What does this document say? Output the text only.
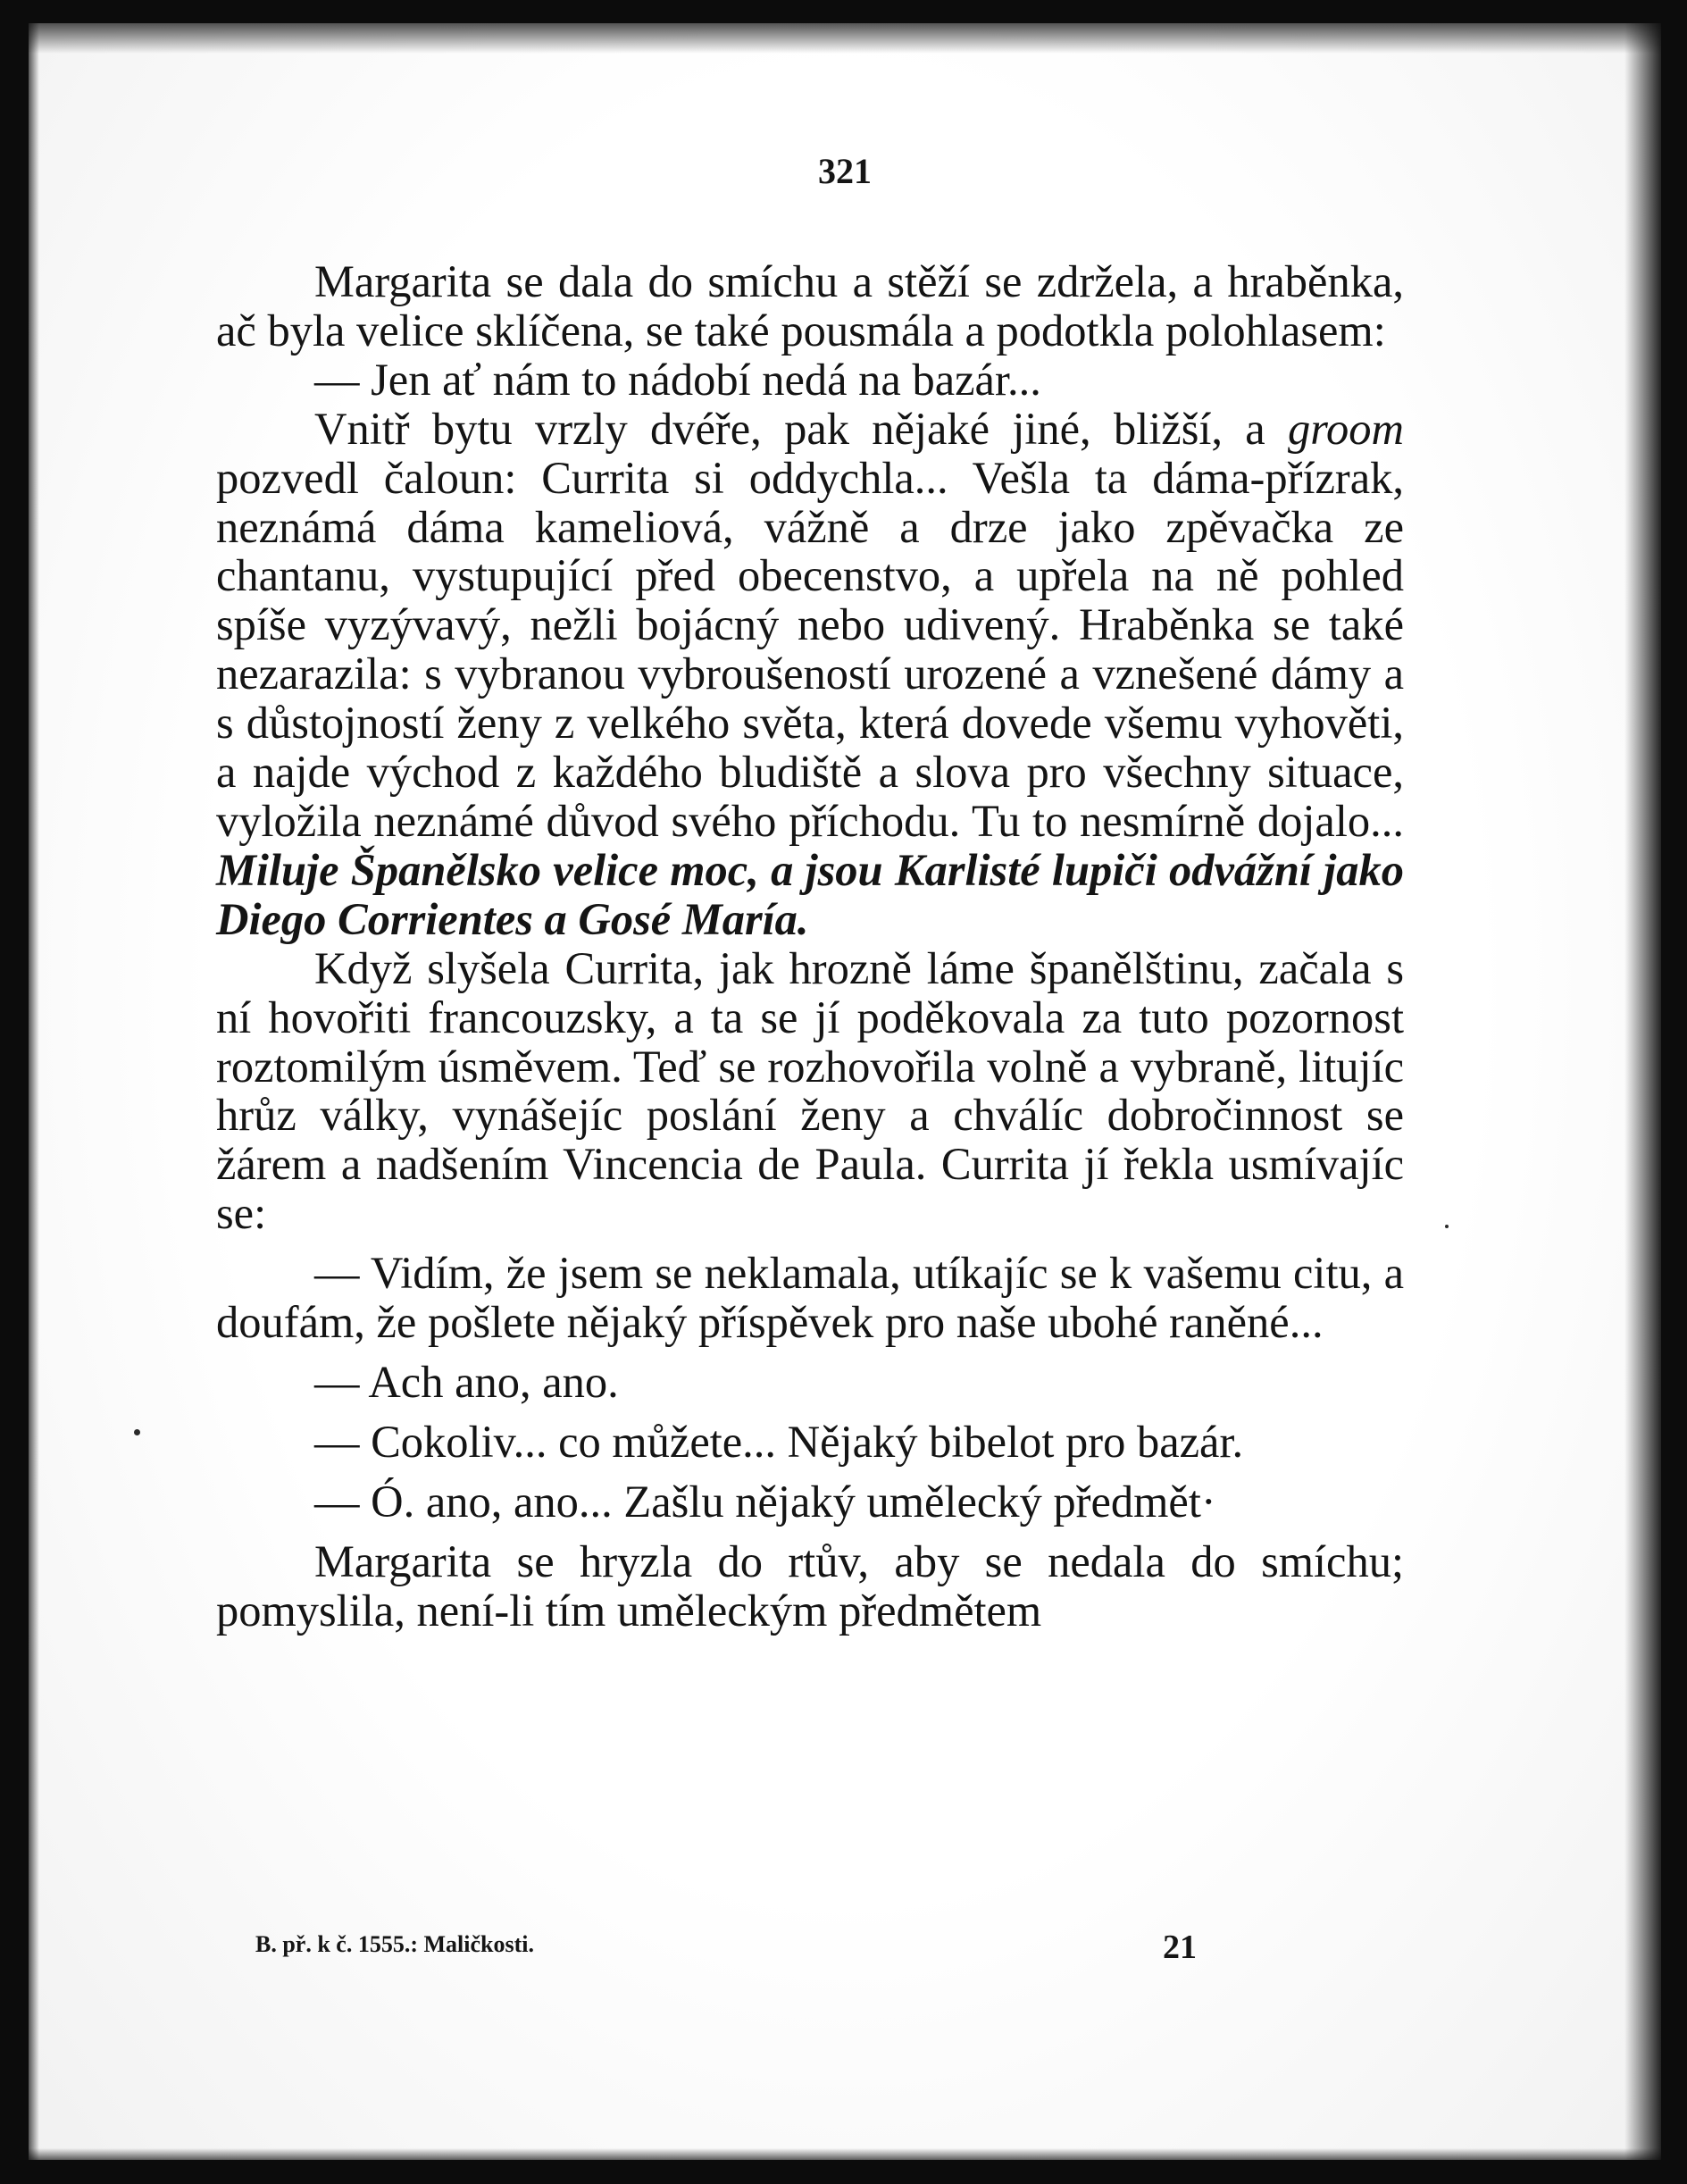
321

Margarita se dala do smíchu a stěží se zdržela, a hraběnka, ač byla velice sklíčena, se také pousmála a podotkla polohlasem:

— Jen ať nám to nádobí nedá na bazár...

Vnitř bytu vrzly dvéře, pak nějaké jiné, bližší, a groom pozvedl čaloun: Currita si oddychla... Vešla ta dáma-přízrak, neznámá dáma kameliová, vážně a drze jako zpěvačka ze chantanu, vystupující před obecenstvo, a upřela na ně pohled spíše vyzývavý, nežli bojácný nebo udivený. Hraběnka se také nezarazila: s vybranou vybroušeností urozené a vznešené dámy a s důstojností ženy z velkého světa, která dovede všemu vyhověti, a najde východ z každého bludiště a slova pro všechny situace, vyložila neznámé důvod svého příchodu. Tu to nesmírně dojalo... Miluje Španělsko velice moc, a jsou Karlisté lupiči odvážní jako Diego Corrientes a Gosé María.

Když slyšela Currita, jak hrozně láme španělštinu, začala s ní hovořiti francouzsky, a ta se jí poděkovala za tuto pozornost roztomilým úsměvem. Teď se rozhovořila volně a vybraně, litujíc hrůz války, vynášejíc poslání ženy a chválíc dobročinnost se žárem a nadšením Vincencia de Paula. Currita jí řekla usmívajíc se:

— Vidím, že jsem se neklamala, utíkajíc se k vašemu citu, a doufám, že pošlete nějaký příspěvek pro naše ubohé raněné...

— Ach ano, ano.

— Cokoliv... co můžete... Nějaký bibelot pro bazár.

— Ó. ano, ano... Zašlu nějaký umělecký předmět·

Margarita se hryzla do rtův, aby se nedala do smíchu; pomyslila, není-li tím uměleckým předmětem

B. př. k č. 1555.: Maličkosti.	21
